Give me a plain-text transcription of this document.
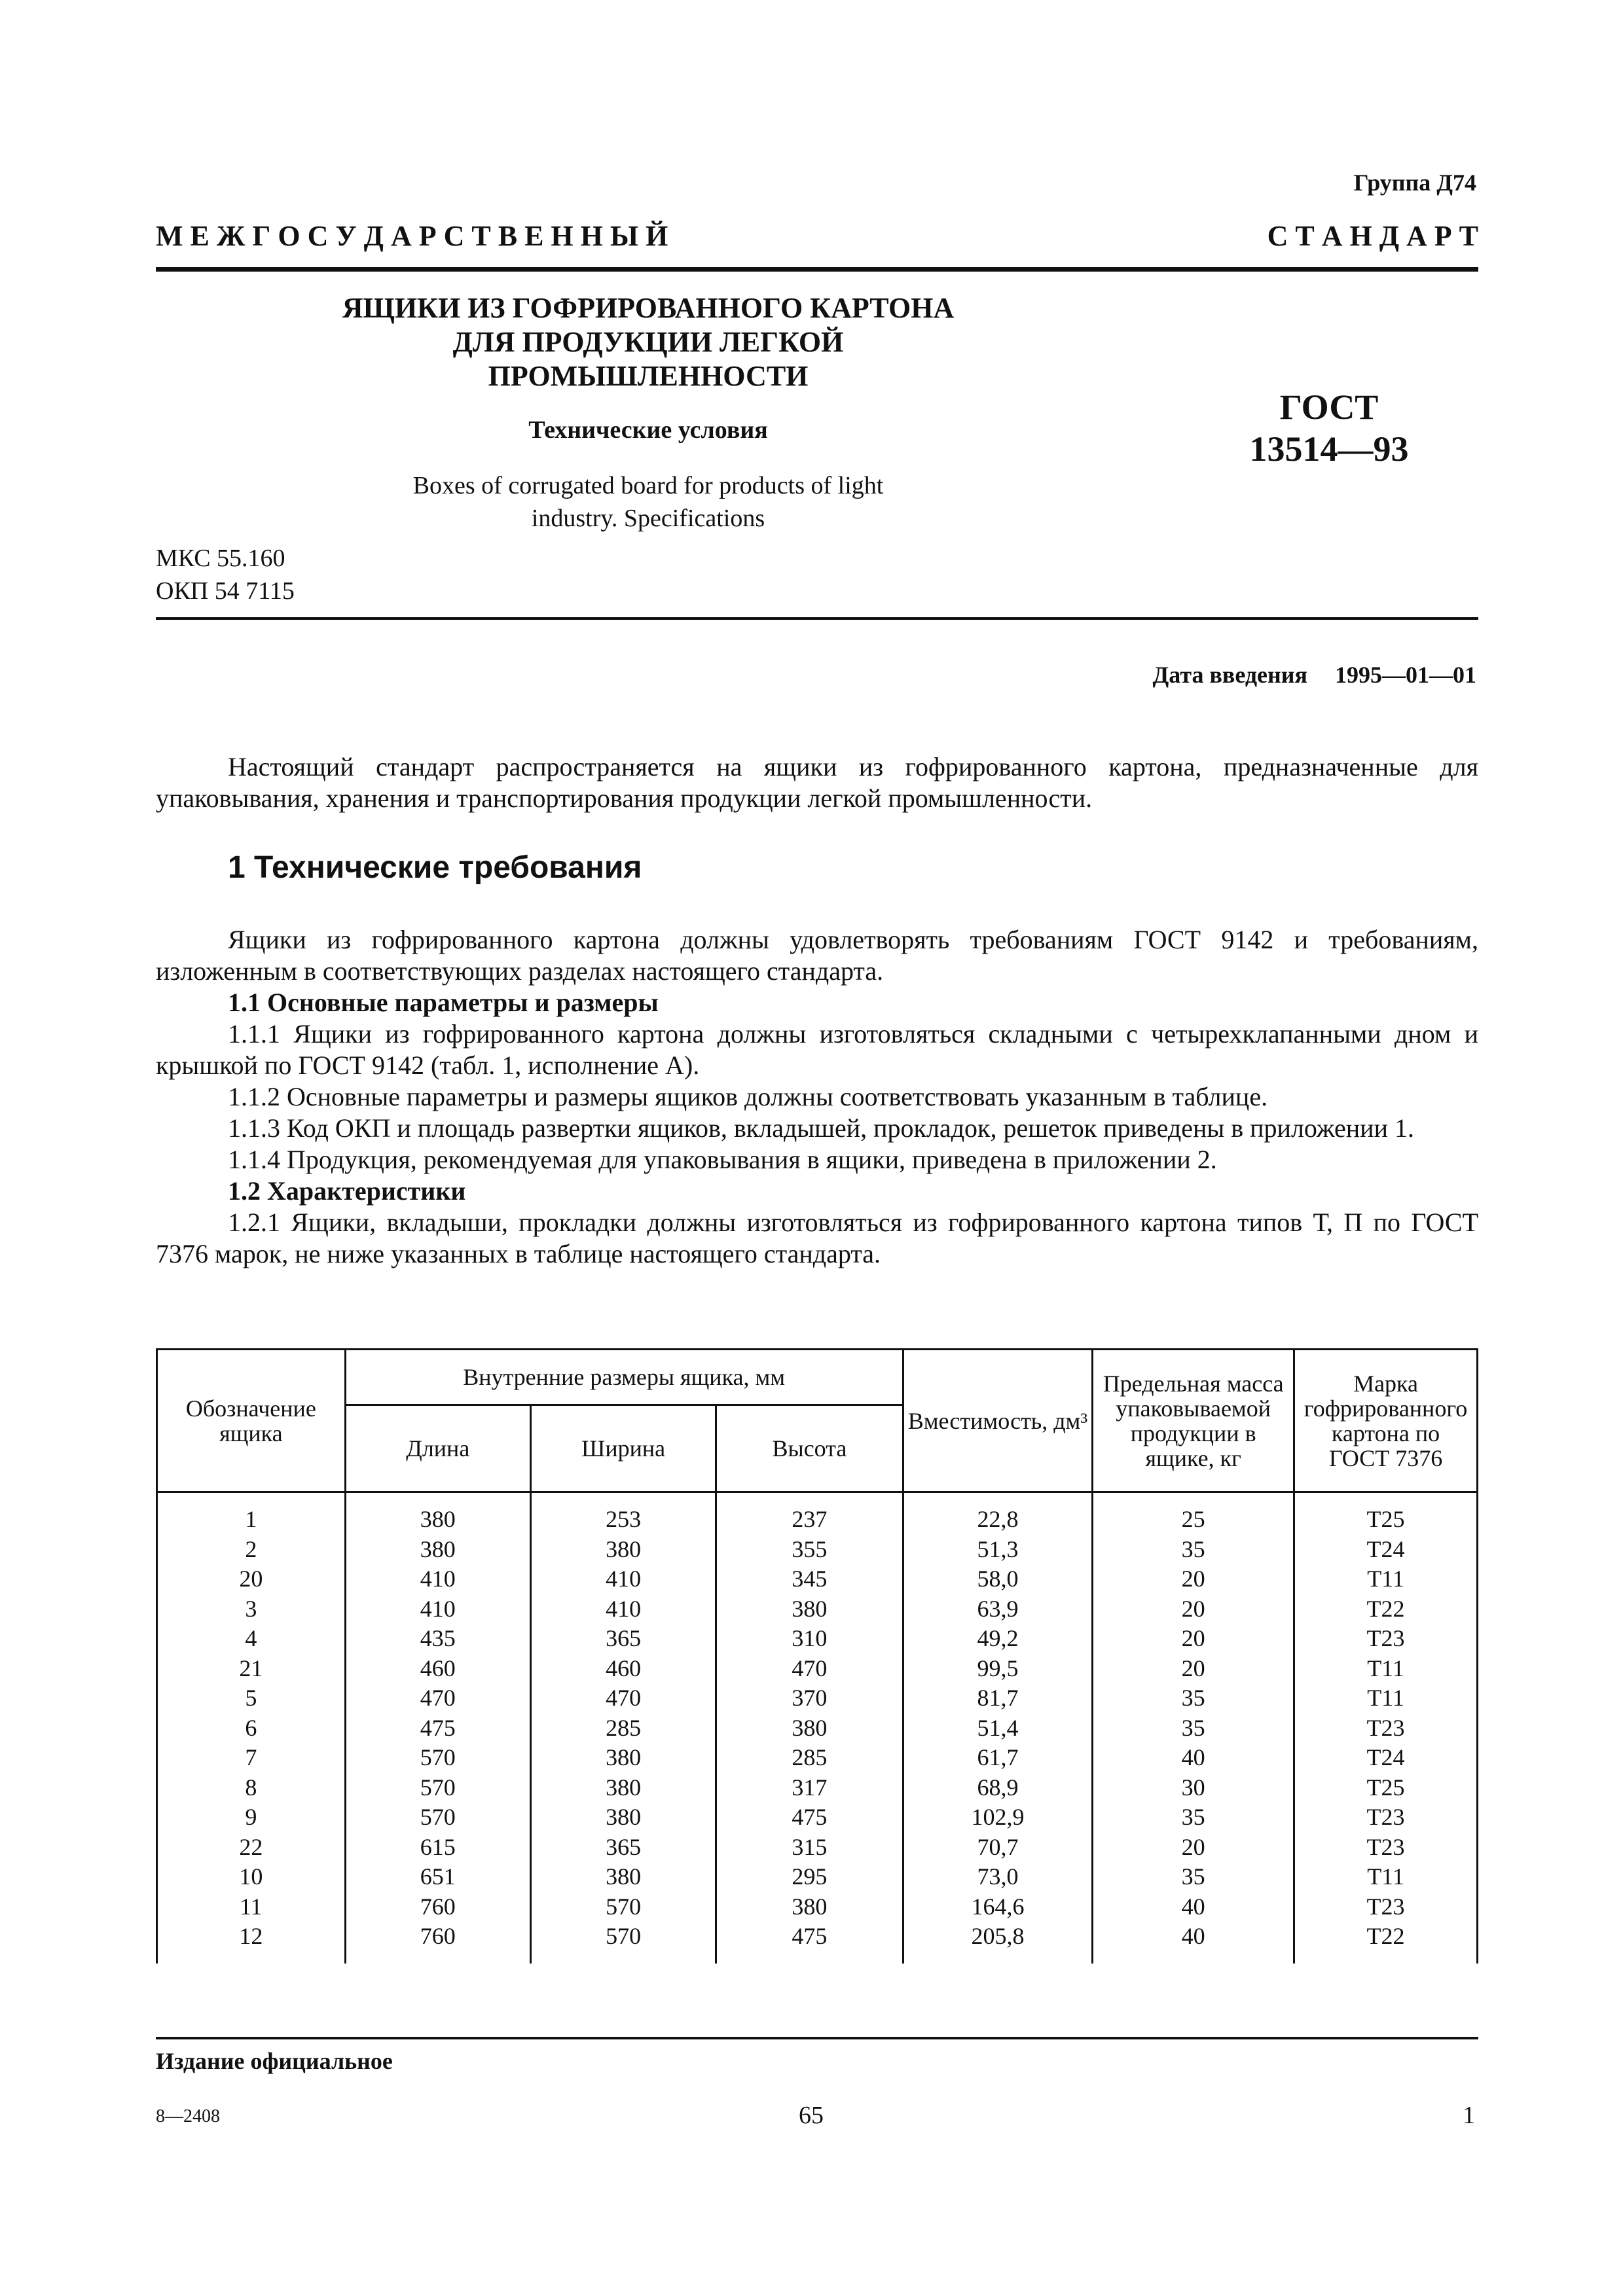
Группа Д74
М Е Ж Г О С У Д А Р С Т В Е Н Н Ы Й	С Т А Н Д А Р Т
ЯЩИКИ ИЗ ГОФРИРОВАННОГО КАРТОНА
ДЛЯ ПРОДУКЦИИ ЛЕГКОЙ
ПРОМЫШЛЕННОСТИ
Технические условия
Boxes of corrugated board for products of light
industry. Specifications
ГОСТ
13514—93
МКС 55.160
ОКП 54 7115
Дата введения 1995—01—01
Настоящий стандарт распространяется на ящики из гофрированного картона, предназначенные для упаковывания, хранения и транспортирования продукции легкой промышленности.
1 Технические требования
Ящики из гофрированного картона должны удовлетворять требованиям ГОСТ 9142 и требованиям, изложенным в соответствующих разделах настоящего стандарта.
1.1 Основные параметры и размеры
1.1.1 Ящики из гофрированного картона должны изготовляться складными с четырехклапанными дном и крышкой по ГОСТ 9142 (табл. 1, исполнение А).
1.1.2 Основные параметры и размеры ящиков должны соответствовать указанным в таблице.
1.1.3 Код ОКП и площадь развертки ящиков, вкладышей, прокладок, решеток приведены в приложении 1.
1.1.4 Продукция, рекомендуемая для упаковывания в ящики, приведена в приложении 2.
1.2 Характеристики
1.2.1 Ящики, вкладыши, прокладки должны изготовляться из гофрированного картона типов Т, П по ГОСТ 7376 марок, не ниже указанных в таблице настоящего стандарта.
Обозначение ящика	Внутренние размеры ящика, мм			Вместимость, дм³	Предельная масса упаковываемой продукции в ящике, кг	Марка гофрированного картона по ГОСТ 7376
	Длина	Ширина	Высота			
1	380	253	237	22,8	25	Т25
2	380	380	355	51,3	35	Т24
20	410	410	345	58,0	20	Т11
3	410	410	380	63,9	20	Т22
4	435	365	310	49,2	20	Т23
21	460	460	470	99,5	20	Т11
5	470	470	370	81,7	35	Т11
6	475	285	380	51,4	35	Т23
7	570	380	285	61,7	40	Т24
8	570	380	317	68,9	30	Т25
9	570	380	475	102,9	35	Т23
22	615	365	315	70,7	20	Т23
10	651	380	295	73,0	35	Т11
11	760	570	380	164,6	40	Т23
12	760	570	475	205,8	40	Т22
Издание официальное
8—2408	65	1
